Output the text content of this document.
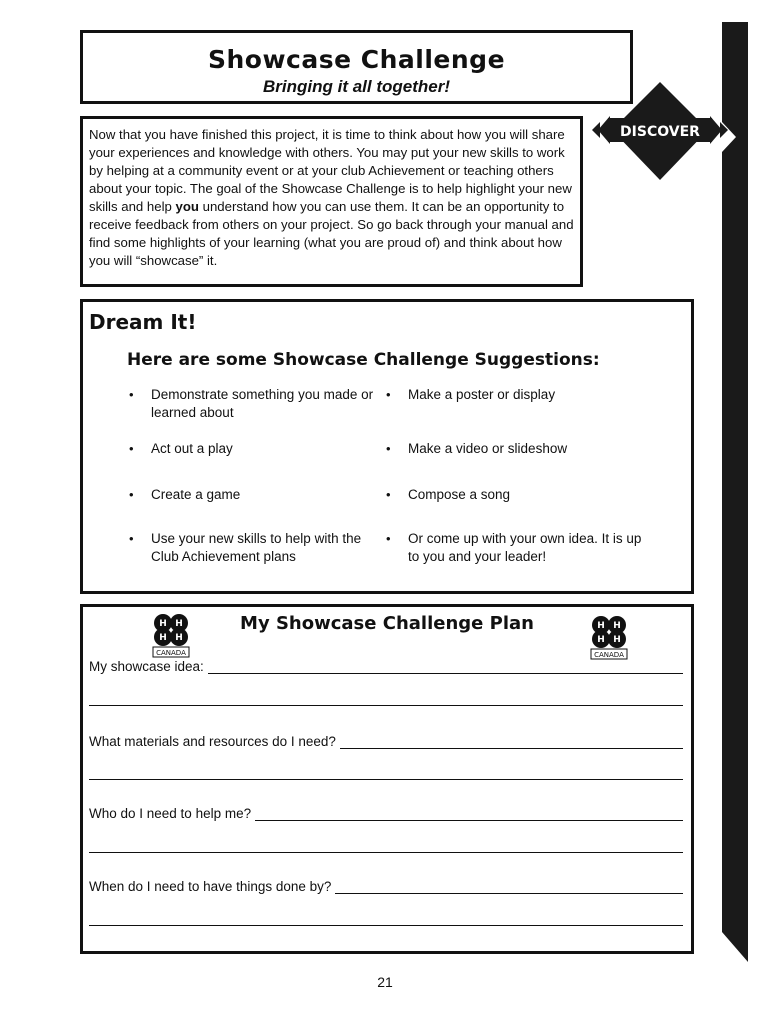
Showcase Challenge
Bringing it all together!
DISCOVER
Now that you have finished this project, it is time to think about how you will share your experiences and knowledge with others. You may put your new skills to work by helping at a community event or at your club Achievement or teaching others about your topic. The goal of the Showcase Challenge is to help highlight your new skills and help you understand how you can use them. It can be an opportunity to receive feedback from others on your project. So go back through your manual and find some highlights of your learning (what you are proud of) and think about how you will “showcase” it.
Dream It!
Here are some Showcase Challenge Suggestions:
• Demonstrate something you made or learned about
• Act out a play
• Create a game
• Use your new skills to help with the Club Achievement plans
• Make a poster or display
• Make a video or slideshow
• Compose a song
• Or come up with your own idea. It is up to you and your leader!
My Showcase Challenge Plan
H H
H H
CANADA
H H
H H
CANADA
My showcase idea:
What materials and resources do I need?
Who do I need to help me?
When do I need to have things done by?
21
